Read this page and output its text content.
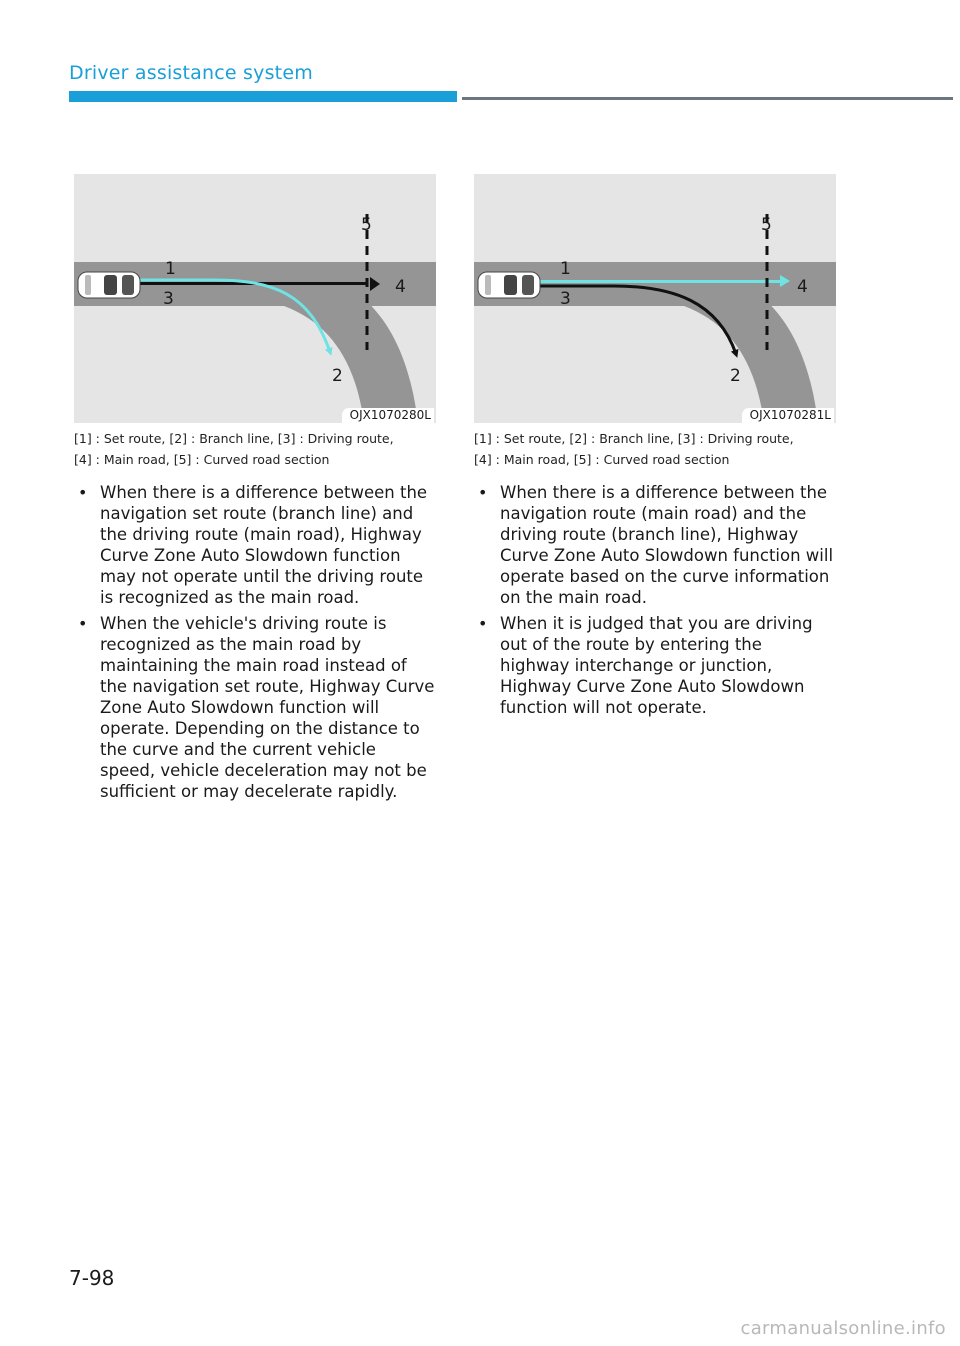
Driver assistance system
1
3
5
4
2
OJX1070280L
[1] : Set route, [2] : Branch line, [3] : Driving route,
[4] : Main road, [5] : Curved road section
• When there is a difference between the navigation set route (branch line) and the driving route (main road), Highway Curve Zone Auto Slowdown function may not operate until the driving route is recognized as the main road.
• When the vehicle's driving route is recognized as the main road by maintaining the main road instead of the navigation set route, Highway Curve Zone Auto Slowdown function will operate. Depending on the distance to the curve and the current vehicle speed, vehicle deceleration may not be sufficient or may decelerate rapidly.
1
3
5
4
2
OJX1070281L
[1] : Set route, [2] : Branch line, [3] : Driving route,
[4] : Main road, [5] : Curved road section
• When there is a difference between the navigation route (main road) and the driving route (branch line), Highway Curve Zone Auto Slowdown function will operate based on the curve information on the main road.
• When it is judged that you are driving out of the route by entering the highway interchange or junction, Highway Curve Zone Auto Slowdown function will not operate.
7-98
carmanualsonline.info
